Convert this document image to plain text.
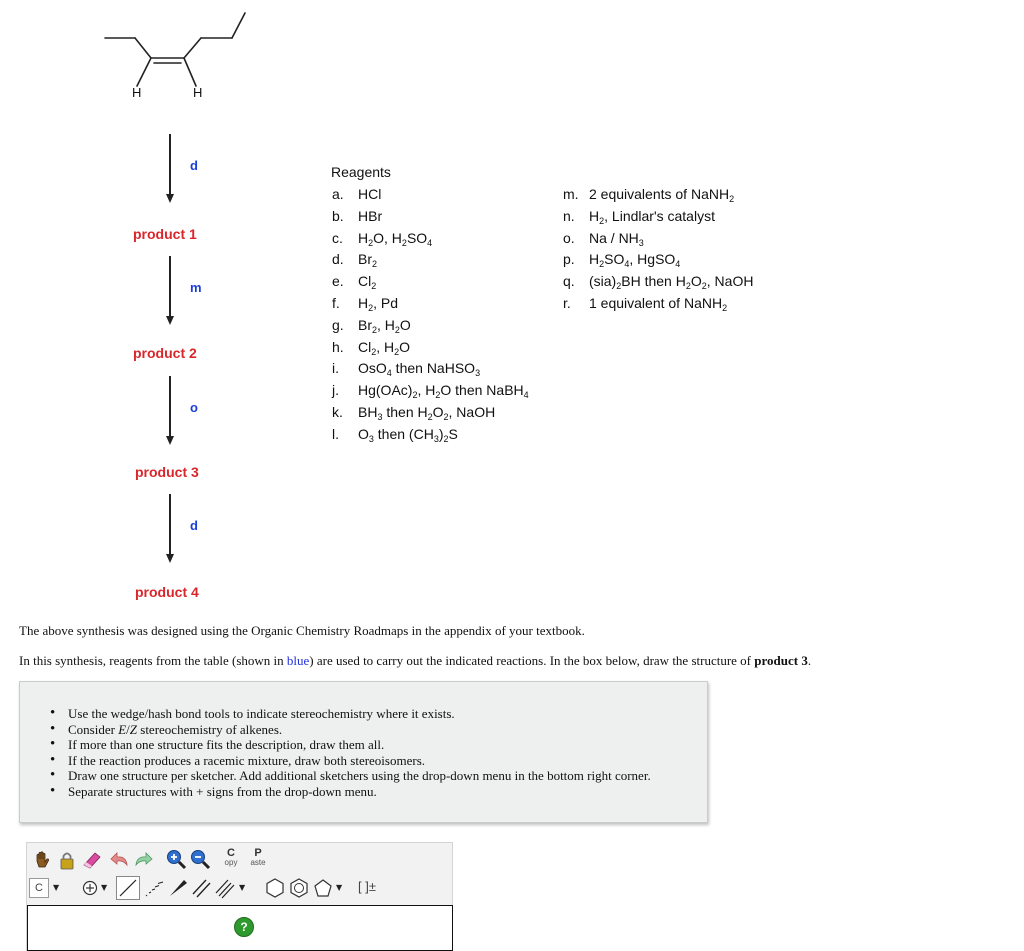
H	H
d
m
o
d
product 1
product 2
product 3
product 4
Reagents
a. HCl
b. HBr
c. $H_2O$, $H_2SO_4$
d. $Br_2$
e. $Cl_2$
f. $H_2$, Pd
g. $Br_2$, $H_2O$
h. $Cl_2$, $H_2O$
i. OsO$_4$ then NaHSO$_3$
j. $Hg(OAc)_2$, $H_2O$ then NaBH$_4$
k. $BH_3$ then $H_2O_2$, NaOH
l. $O_3$ then $(CH_3)_2S$
m. 2 equivalents of NaNH$_2$
n. $H_2$, Lindlar's catalyst
o. Na / $NH_3$
p. $H_2SO_4$, HgSO$_4$
q. $(sia)_2BH$ then $H_2O_2$, NaOH
r. 1 equivalent of NaNH$_2$
The above synthesis was designed using the Organic Chemistry Roadmaps in the appendix of your textbook.
In this synthesis, reagents from the table (shown in blue) are used to carry out the indicated reactions. In the box below, draw the structure of product 3.
• Use the wedge/hash bond tools to indicate stereochemistry where it exists.
• Consider E/Z stereochemistry of alkenes.
• If more than one structure fits the description, draw them all.
• If the reaction produces a racemic mixture, draw both stereoisomers.
• Draw one structure per sketcher. Add additional sketchers using the drop-down menu in the bottom right corner.
• Separate structures with + signs from the drop-down menu.
C
opy
P
aste
C	▼	▼	▼	▼ [ ]±
?
